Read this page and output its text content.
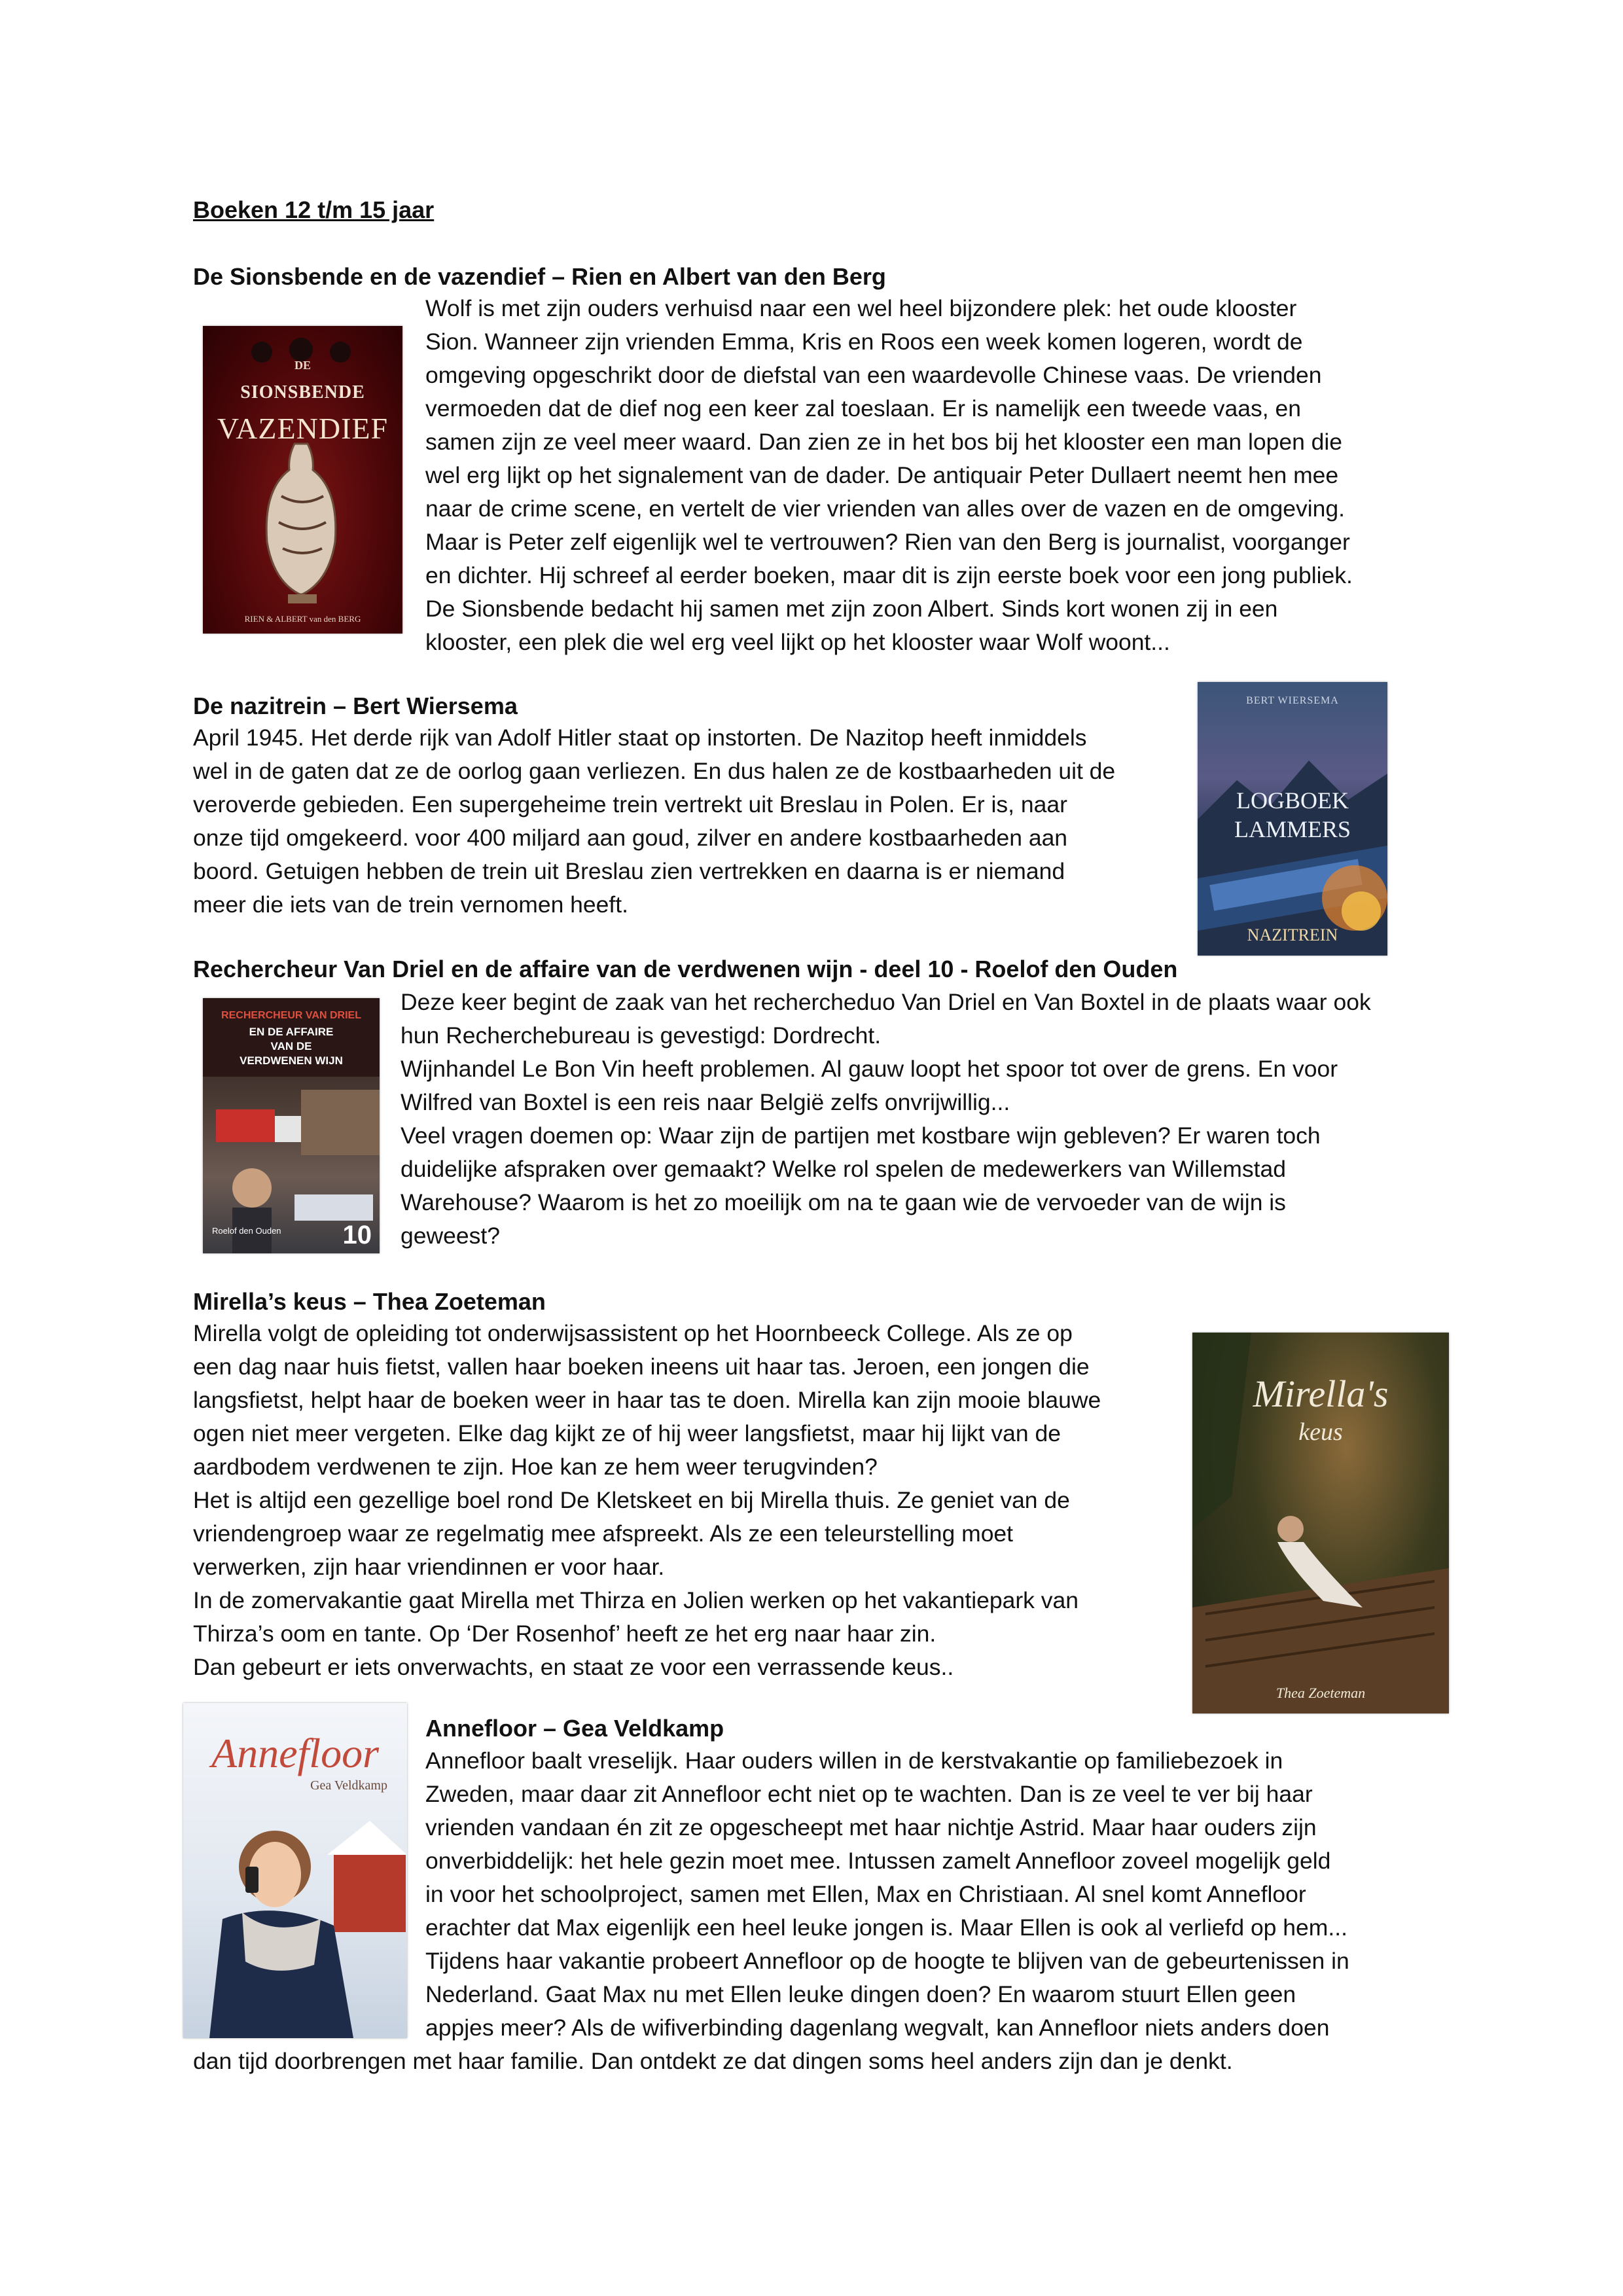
Boeken 12 t/m 15 jaar
De Sionsbende en de vazendief – Rien en Albert van den Berg
DE
SIONSBENDE
VAZENDIEF
RIEN & ALBERT van den BERG
Wolf is met zijn ouders verhuisd naar een wel heel bijzondere plek: het oude klooster
Sion. Wanneer zijn vrienden Emma, Kris en Roos een week komen logeren, wordt de
omgeving opgeschrikt door de diefstal van een waardevolle Chinese vaas. De vrienden
vermoeden dat de dief nog een keer zal toeslaan. Er is namelijk een tweede vaas, en
samen zijn ze veel meer waard. Dan zien ze in het bos bij het klooster een man lopen die
wel erg lijkt op het signalement van de dader. De antiquair Peter Dullaert neemt hen mee
naar de crime scene, en vertelt de vier vrienden van alles over de vazen en de omgeving.
Maar is Peter zelf eigenlijk wel te vertrouwen? Rien van den Berg is journalist, voorganger
en dichter. Hij schreef al eerder boeken, maar dit is zijn eerste boek voor een jong publiek.
De Sionsbende bedacht hij samen met zijn zoon Albert. Sinds kort wonen zij in een
klooster, een plek die wel erg veel lijkt op het klooster waar Wolf woont...
De nazitrein – Bert Wiersema	BERT WIERSEMA
LOGBOEK
LAMMERS
NAZITREIN
April 1945. Het derde rijk van Adolf Hitler staat op instorten. De Nazitop heeft inmiddels
wel in de gaten dat ze de oorlog gaan verliezen. En dus halen ze de kostbaarheden uit de
veroverde gebieden. Een supergeheime trein vertrekt uit Breslau in Polen. Er is, naar
onze tijd omgekeerd. voor 400 miljard aan goud, zilver en andere kostbaarheden aan
boord. Getuigen hebben de trein uit Breslau zien vertrekken en daarna is er niemand
meer die iets van de trein vernomen heeft.
Rechercheur Van Driel en de affaire van de verdwenen wijn - deel 10 - Roelof den Ouden
RECHERCHEUR VAN DRIEL
EN DE AFFAIRE
VAN DE
VERDWENEN WIJN
Roelof den Ouden 10
Deze keer begint de zaak van het rechercheduo Van Driel en Van Boxtel in de plaats waar ook
hun Recherchebureau is gevestigd: Dordrecht.
Wijnhandel Le Bon Vin heeft problemen. Al gauw loopt het spoor tot over de grens. En voor
Wilfred van Boxtel is een reis naar België zelfs onvrijwillig...
Veel vragen doemen op: Waar zijn de partijen met kostbare wijn gebleven? Er waren toch
duidelijke afspraken over gemaakt? Welke rol spelen de medewerkers van Willemstad
Warehouse? Waarom is het zo moeilijk om na te gaan wie de vervoeder van de wijn is
geweest?
Mirella’s keus – Thea Zoeteman
Mirella's
keus
Thea Zoeteman
Mirella volgt de opleiding tot onderwijsassistent op het Hoornbeeck College. Als ze op
een dag naar huis fietst, vallen haar boeken ineens uit haar tas. Jeroen, een jongen die
langsfietst, helpt haar de boeken weer in haar tas te doen. Mirella kan zijn mooie blauwe
ogen niet meer vergeten. Elke dag kijkt ze of hij weer langsfietst, maar hij lijkt van de
aardbodem verdwenen te zijn. Hoe kan ze hem weer terugvinden?
Het is altijd een gezellige boel rond De Kletskeet en bij Mirella thuis. Ze geniet van de
vriendengroep waar ze regelmatig mee afspreekt. Als ze een teleurstelling moet
verwerken, zijn haar vriendinnen er voor haar.
In de zomervakantie gaat Mirella met Thirza en Jolien werken op het vakantiepark van
Thirza’s oom en tante. Op ‘Der Rosenhof’ heeft ze het erg naar haar zin.
Dan gebeurt er iets onverwachts, en staat ze voor een verrassende keus..
Annefloor
Gea Veldkamp
Annefloor – Gea Veldkamp
Annefloor baalt vreselijk. Haar ouders willen in de kerstvakantie op familiebezoek in
Zweden, maar daar zit Annefloor echt niet op te wachten. Dan is ze veel te ver bij haar
vrienden vandaan én zit ze opgescheept met haar nichtje Astrid. Maar haar ouders zijn
onverbiddelijk: het hele gezin moet mee. Intussen zamelt Annefloor zoveel mogelijk geld
in voor het schoolproject, samen met Ellen, Max en Christiaan. Al snel komt Annefloor
erachter dat Max eigenlijk een heel leuke jongen is. Maar Ellen is ook al verliefd op hem...
Tijdens haar vakantie probeert Annefloor op de hoogte te blijven van de gebeurtenissen in
Nederland. Gaat Max nu met Ellen leuke dingen doen? En waarom stuurt Ellen geen
appjes meer? Als de wifiverbinding dagenlang wegvalt, kan Annefloor niets anders doen
dan tijd doorbrengen met haar familie. Dan ontdekt ze dat dingen soms heel anders zijn dan je denkt.
